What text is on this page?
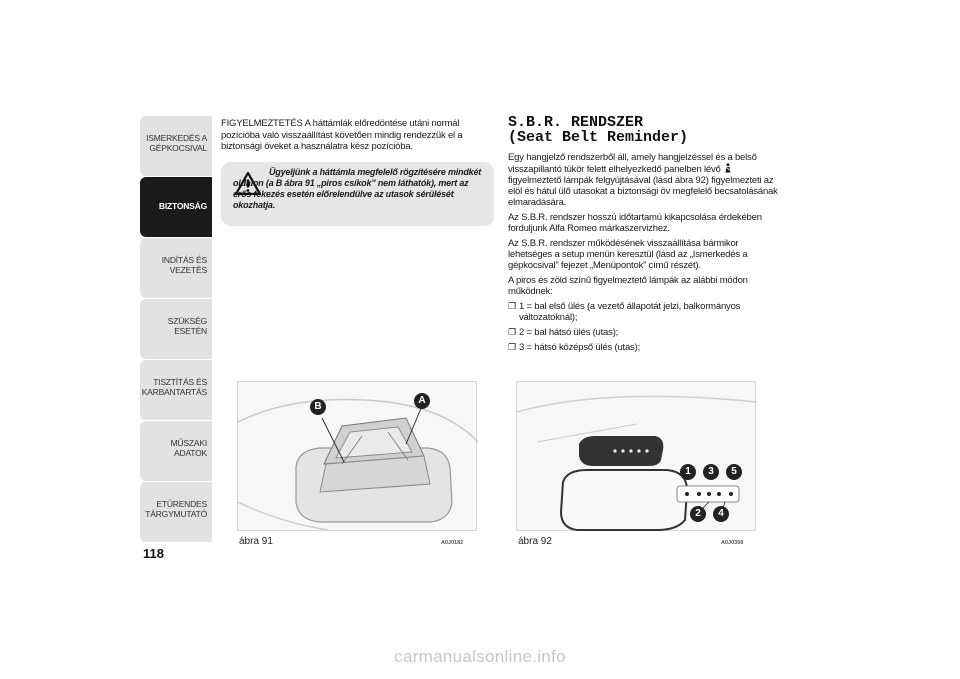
ISMERKEDÉS A
GÉPKOCSIVAL
BIZTONSÁG
INDÍTÁS ÉS VEZETÉS
SZÜKSÉG ESETÉN
TISZTÍTÁS ÉS
KARBANTARTÁS
MŰSZAKI ADATOK
ETŰRENDES
TÁRGYMUTATÓ
118
FIGYELMEZTETÉS A háttámlák előredöntése utáni normál pozícióba való visszaállítást követően mindig rendezzük el a biztonsági öveket a használatra kész pozícióba.
Ügyeljünk a háttámla megfelelő rögzítésére mindkét oldalon (a B ábra 91 „piros csíkok” nem láthatók), mert az erős fékezés esetén előrelendülve az utasok sérülését okozhatja.
B
A
ábra 91	A0J0182
S.B.R. RENDSZER
(Seat Belt Reminder)

Egy hangjelző rendszerből áll, amely hangjelzéssel és a belső visszapillantó tükör felett elhelyezkedő panelben lévő  figyelmeztető lámpák felgyújtásával (lásd ábra 92) figyelmezteti az elöl és hátul ülő utasokat a biztonsági öv megfelelő becsatolásának elmaradására.

Az S.B.R. rendszer hosszú időtartamú kikapcsolása érdekében forduljunk Alfa Romeo márkaszervizhez.

Az S.B.R. rendszer működésének visszaállítása bármikor lehetséges a setup menün keresztül (lásd az „Ismerkedés a gépkocsival” fejezet „Menüpontok” című részét).

A piros és zöld színű figyelmeztető lámpák az alábbi módon működnek:

❐ 1 = bal első ülés (a vezető állapotát jelzi, balkormányos változatoknál);
❐ 2 = bal hátsó ülés (utas);
❐ 3 = hátsó középső ülés (utas);
1	3	5
2	4
ábra 92	A0J0308
carmanualsonline.info
